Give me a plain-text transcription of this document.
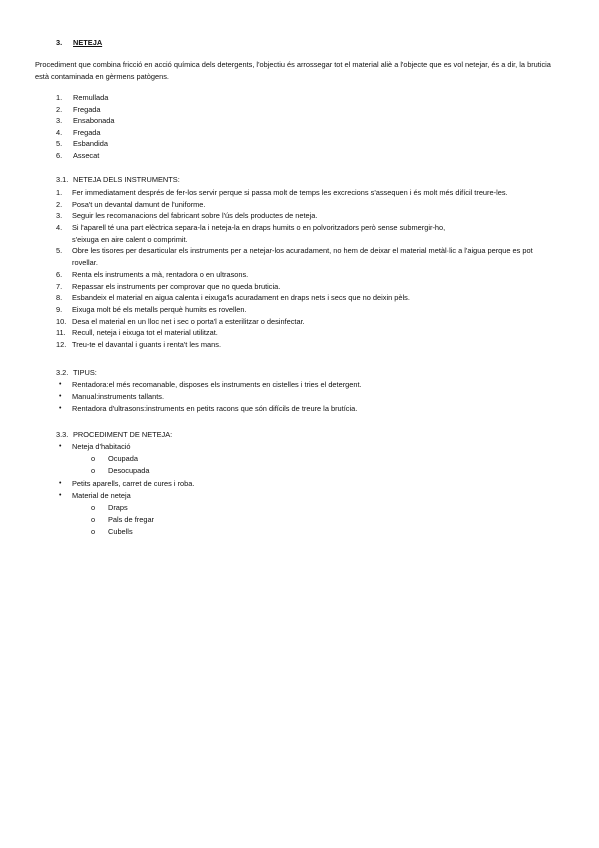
3. NETEJA
Procediment que combina fricció en acció química dels detergents, l'objectiu és arrossegar tot el material aliè a l'objecte que es vol netejar, és a dir, la bruticia està contaminada en gèrmens patògens.
1.	Remullada
2.	Fregada
3.	Ensabonada
4.	Fregada
5.	Esbandida
6.	Assecat
3.1. NETEJA DELS INSTRUMENTS:
1.	Fer immediatament després de fer-los servir perque si passa molt de temps les excrecions s'assequen i és molt més difícil treure-les.
2.	Posa't un devantal damunt de l'uniforme.
3.	Seguir les recomanacions del fabricant sobre l'ús dels productes de neteja.
4.	Si l'aparell té una part elèctrica separa-la i neteja-la en draps humits o en polvoritzadors però sense submergir-ho,
s'eixuga en aire calent o comprimit.
5.	Obre les tisores per desarticular els instruments per a netejar-los acuradament, no hem de deixar el material metàl·lic a l'aigua perque es pot
rovellar.
6.	Renta els instruments a mà, rentadora o en ultrasons.
7.	Repassar els instruments per comprovar que no queda bruticia.
8.	Esbandeix el material en aigua calenta i eixuga'ls acuradament en draps nets i secs que no deixin pèls.
9.	Eixuga molt bé els metalls perquè humits es rovellen.
10. Desa el material en un lloc net i sec o porta'l a esterilitzar o desinfectar.
11. Recull, neteja i eixuga tot el material utilitzat.
12. Treu-te el davantal i guants i renta't les mans.
3.2. TIPUS:
• Rentadora:el més recomanable, disposes els instruments en cistelles i tries el detergent.
• Manual:instruments tallants.
• Rentadora d'ultrasons:instruments en petits racons que són difícils de treure la brutícia.
3.3. PROCEDIMENT DE NETEJA:
• Neteja d'habitació
o Ocupada
o Desocupada
• Petits aparells, carret de cures i roba.
• Material de neteja
o Draps
o Pals de fregar
o Cubells
